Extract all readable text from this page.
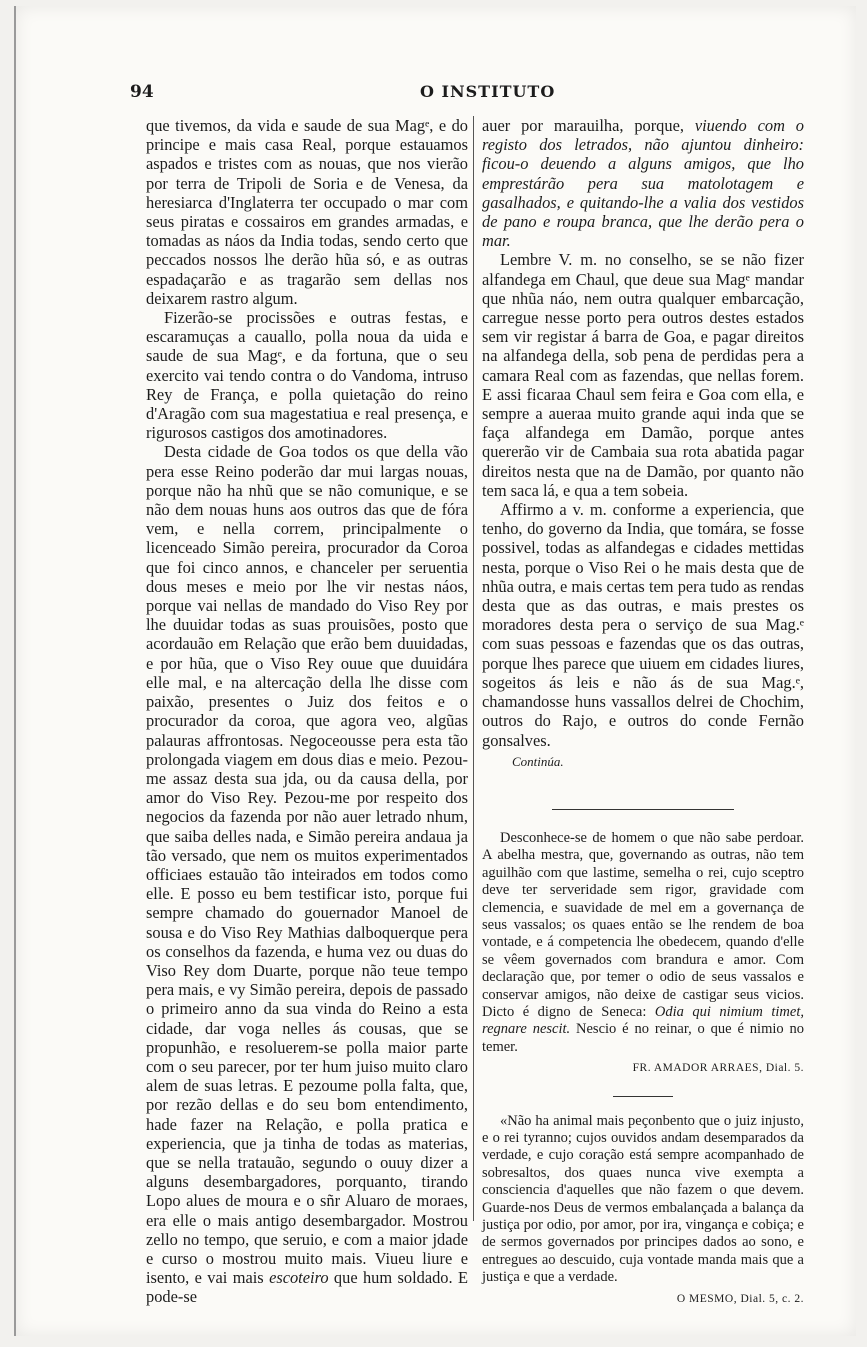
94	O INSTITUTO

que tivemos, da vida e saude de sua Magᵉ, e do principe e mais casa Real, porque estauamos aspados e tristes com as nouas, que nos vierão por terra de Tripoli de Soria e de Venesa, da heresiarca d'Inglaterra ter occupado o mar com seus piratas e cossairos em grandes armadas, e tomadas as náos da India todas, sendo certo que peccados nossos lhe derão hũa só, e as outras espadaçarão e as tragarão sem dellas nos deixarem rastro algum.

Fizerão-se procissões e outras festas, e escaramuças a cauallo, polla noua da uida e saude de sua Magᵉ, e da fortuna, que o seu exercito vai tendo contra o do Vandoma, intruso Rey de França, e polla quietação do reino d'Aragão com sua magestatiua e real presença, e rigurosos castigos dos amotinadores.

Desta cidade de Goa todos os que della vão pera esse Reino poderão dar mui largas nouas, porque não ha nhũ que se não comunique, e se não dem nouas huns aos outros das que de fóra vem, e nella correm, principalmente o licenceado Simão pereira, procurador da Coroa que foi cinco annos, e chanceler per seruentia dous meses e meio por lhe vir nestas náos, porque vai nellas de mandado do Viso Rey por lhe duuidar todas as suas prouisões, posto que acordauão em Relação que erão bem duuidadas, e por hũa, que o Viso Rey ouue que duuidára elle mal, e na altercação della lhe disse com paixão, presentes o Juiz dos feitos e o procurador da coroa, que agora veo, algũas palauras affrontosas. Negoceousse pera esta tão prolongada viagem em dous dias e meio. Pezou-me assaz desta sua jda, ou da causa della, por amor do Viso Rey. Pezou-me por respeito dos negocios da fazenda por não auer letrado nhum, que saiba delles nada, e Simão pereira andaua ja tão versado, que nem os muitos experimentados officiaes estauão tão inteirados em todos como elle. E posso eu bem testificar isto, porque fui sempre chamado do gouernador Manoel de sousa e do Viso Rey Mathias dalboquerque pera os conselhos da fazenda, e huma vez ou duas do Viso Rey dom Duarte, porque não teue tempo pera mais, e vy Simão pereira, depois de passado o primeiro anno da sua vinda do Reino a esta cidade, dar voga nelles ás cousas, que se propunhão, e resoluerem-se polla maior parte com o seu parecer, por ter hum juiso muito claro alem de suas letras. E pezoume polla falta, que, por rezão dellas e do seu bom entendimento, hade fazer na Relação, e polla pratica e experiencia, que ja tinha de todas as materias, que se nella tratauão, segundo o ouuy dizer a alguns desembargadores, porquanto, tirando Lopo alues de moura e o sñr Aluaro de moraes, era elle o mais antigo desembargador. Mostrou zello no tempo, que seruio, e com a maior jdade e curso o mostrou muito mais. Viueu liure e isento, e vai mais escoteiro que hum soldado. E pode-se

auer por marauilha, porque, viuendo com o registo dos letrados, não ajuntou dinheiro: ficou-o deuendo a alguns amigos, que lho emprestárão pera sua matolotagem e gasalhados, e quitando-lhe a valia dos vestidos de pano e roupa branca, que lhe derão pera o mar.

Lembre V. m. no conselho, se se não fizer alfandega em Chaul, que deue sua Magᵉ mandar que nhũa náo, nem outra qualquer embarcação, carregue nesse porto pera outros destes estados sem vir registar á barra de Goa, e pagar direitos na alfandega della, sob pena de perdidas pera a camara Real com as fazendas, que nellas forem. E assi ficaraa Chaul sem feira e Goa com ella, e sempre a aueraa muito grande aqui inda que se faça alfandega em Damão, porque antes quererão vir de Cambaia sua rota abatida pagar direitos nesta que na de Damão, por quanto não tem saca lá, e qua a tem sobeia.

Affirmo a v. m. conforme a experiencia, que tenho, do governo da India, que tomára, se fosse possivel, todas as alfandegas e cidades mettidas nesta, porque o Viso Rei o he mais desta que de nhũa outra, e mais certas tem pera tudo as rendas desta que as das outras, e mais prestes os moradores desta pera o serviço de sua Mag.ᵉ com suas pessoas e fazendas que os das outras, porque lhes parece que uiuem em cidades liures, sogeitos ás leis e não ás de sua Mag.ᵉ, chamandosse huns vassallos delrei de Chochim, outros do Rajo, e outros do conde Fernão gonsalves.

Continúa.

Desconhece-se de homem o que não sabe perdoar. A abelha mestra, que, governando as outras, não tem aguilhão com que lastime, semelha o rei, cujo sceptro deve ter serveridade sem rigor, gravidade com clemencia, e suavidade de mel em a governança de seus vassalos; os quaes então se lhe rendem de boa vontade, e á competencia lhe obedecem, quando d'elle se vêem governados com brandura e amor. Com declaração que, por temer o odio de seus vassalos e conservar amigos, não deixe de castigar seus vicios. Dicto é digno de Seneca: Odia qui nimium timet, regnare nescit. Nescio é no reinar, o que é nimio no temer.

FR. AMADOR ARRAES, Dial. 5.

«Não ha animal mais peçonbento que o juiz injusto, e o rei tyranno; cujos ouvidos andam desemparados da verdade, e cujo coração está sempre acompanhado de sobresaltos, dos quaes nunca vive exempta a consciencia d'aquelles que não fazem o que devem. Guarde-nos Deus de vermos embalançada a balança da justiça por odio, por amor, por ira, vingança e cobiça; e de sermos governados por principes dados ao sono, e entregues ao descuido, cuja vontade manda mais que a justiça e que a verdade.

O MESMO, Dial. 5, c. 2.
